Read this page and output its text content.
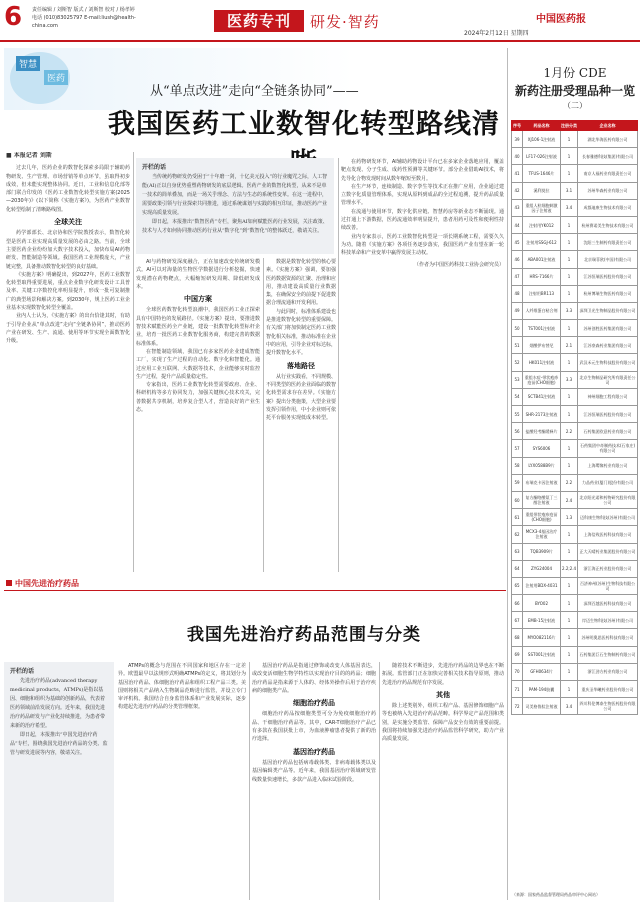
6 责任编辑 / 刘斯智 版式 / 刘斯智 校对 / 杨孝婷
电话 (010)83025797 E-mail:liush@health-china.com	医药专刊	研发·智药	中国医药报
2024年2月12日 星期四
智慧
医药
从“单点改进”走向“全链条协同”——
我国医药工业数智化转型路线清
■ 本报记者 刘斯

过去几年，医药企业的数智化探索多局限于辅助药物研发、生产管理、市场营销等单点环节，虽取得初步成效，但未能实现整体协同。近日，工业和信息化部等部门联合印发的《医药工业数智化转型实施方案(2025—2030年)》(以下简称《实施方案》)，为医药产业数智化转型绘制了清晰路线图。

全球关注

药学部部长、北京协和医学院教授表示，数智化转型是医药工业实现高质量发展的必由之路。当前，全球主要医药企业纷纷加大数字技术投入，加快布局AI药物研发、智能制造等领域。我国医药工业规模庞大，产业链完整，具备推动数智化转型的良好基础。

《实施方案》明确提出，到2027年，医药工业数智化转型取得重要进展，重点企业数字化研发设计工具普及率、关键工序数控化率明显提升，形成一批可复制推广的典型场景和解决方案。到2030年，规上医药工业企业基本实现数智化转型全覆盖。

业内人士认为，《实施方案》的出台恰逢其时，有助于引导企业从“单点改进”走向“全链条协同”，推动医药产业在研发、生产、流通、使用等环节实现全面数智化升级。

开栏的话

当传统药物研发仍受困于“十年磨一剑，十亿美元投入”的行业魔咒之际，人工智能(AI)正以自身优势重塑药物研发的底层逻辑。医药产业的数智化转型，从来不是单一技术的简单叠加，而是一场关乎理念、方法与生态的系统性变革。在这一进程中，需要政策引领与行业探索共同推进，通过系统谋划与实践的相互印证，推动医药产业实现高质量发展。

即日起，本报推出“数智医药”专栏，聚焦AI如何赋能医药行业发展，关注政策、技术与人才如何协同推动医药行业从“数字化”到“数智化”的整体跃迁，敬请关注。

AI与药物研发深度融合，正在加速改变传统研发模式。AI可以对海量的生物医学数据进行分析挖掘，快速发现潜在药物靶点，大幅缩短研发周期、降低研发成本。

中国方案

全球医药数智化转型浪潮中，我国医药工业正探索具有中国特色的发展路径。《实施方案》提出，要推进数智技术赋能医药全产业链，建设一批数智化转型标杆企业，培育一批医药工业数智化服务商，构建完善的数据标准体系。

在智能制造领域，我国已有多家医药企业建成智能工厂，实现了生产过程的自动化、数字化和智能化。通过应用工业互联网、大数据等技术，企业能够实时监控生产过程，提升产品质量稳定性。

专家指出，医药工业数智化转型需要政府、企业、科研机构等多方协同发力，加强关键核心技术攻关，完善数据共享机制，培养复合型人才，营造良好的产业生态。

数据是数智化转型的核心要素。《实施方案》强调，要加强医药数据资源的汇聚、治理和应用，推动建设高质量行业数据集，在确保安全的前提下促进数据合理流通和开发利用。

与此同时，标准体系建设也是推进数智化转型的重要保障。有关部门将加快制定医药工业数智化相关标准，推动标准在企业中的应用，引导企业对标达标，提升数智化水平。

落地路径

从行业实践看，不同规模、不同类型的医药企业面临的数智化转型需求存在差异。《实施方案》提出分类施策，大型企业要发挥引领作用，中小企业则可依托平台服务实现低成本转型。

在药物研发环节，AI辅助药物设计平台已在多家企业落地应用，覆盖靶点发现、分子生成、成药性预测等关键环节。部分企业借助AI技术，将先导化合物发现时间从数年缩短至数月。

在生产环节，连续制造、数字孪生等技术正在推广应用，企业通过建立数字化质量管理体系，实现从原料到成品的全过程追溯，提升药品质量管理水平。

在流通与使用环节，数字化供应链、智慧药房等新业态不断涌现。通过打通上下游数据，医药流通效率明显提升，患者用药可及性和便利性持续改善。

业内专家表示，医药工业数智化转型是一项长期系统工程，需要久久为功。随着《实施方案》各项任务逐步落实，我国医药产业有望在新一轮科技革命和产业变革中赢得发展主动权。

（作者为中国医药科技工业协会研究员）

1月份 CDE
新药注册受理品种一览
（二）
序号	药品名称	注册分类	企业名称
39	XJ106-1注射液	1	湖北华海医药有限公司
40	LF17-026注射液	1	长春雅德科技(集团)有限公司
41	TFUS-1646片	1	南京人福药业有限责任公司
42	溪利莫拉	3.1	苏州华森药业有限公司
43	重组人粒细胞刺激因子注射液	3.4	成都迪康生物技术有限公司
44	注射用YK012	1	杭州赛诺美生物技术有限公司
45	注射用SSGJ-612	1	沈阳三生制药有限责任公司
46	ABA001注射液	1	北京瑞菲欧(中国)有限公司
47	HRS-7166片	1	江苏恒瑞医药股份有限公司
48	注射用BR113	1	杭州博瑞生物医药有限公司
49	人纤维蛋白粘合剂	3.3	深圳卫光生物制品股份有限公司
50	TST001注射液	1	苏州创胜医药集团有限公司
51	烟酸伊布替尼	2.1	江苏豪森药业集团有限公司
52	HK011注射液	1	武汉禾元生物科技股份有限公司
53	重组水痘-带状疱疹疫苗(CHO细胞)	3.3	北京生物制品研究所有限责任公司
54	SCTB41注射液	1	神州细胞工程有限公司
55	SHR-2173注射液	1	江苏恒瑞医药股份有限公司
56	盐酸羟考酮缓释片	2.2	石药集团欧意药业有限公司
57	SYS6006	1	石药集团中奇制药技术(石家庄)有限公司
58	LYX0588B9片	1	上海璎黎药业有限公司
59	布瑞克卡因注射液	2.2	力品药业(厦门)股份有限公司
60	复方酮咯酸氨丁三醇注射液	2.4	北京阳光诺和药物研究股份有限公司
61	重组带状疱疹疫苗(CHO细胞)	1.3	迈科康生物科技(苏州)有限公司
62	MCX3-4基因治疗注射液	1	上海信致医药科技有限公司
63	TQB3909片	1	正大天晴药业集团股份有限公司
64	ZYG24004	2.2;2.4	浙江海正药业股份有限公司
65	注射用BDX-4031	1	百济神州(苏州)生物科技有限公司
66	BYO02	1	深圳百越医药科技有限公司
67	EMB-15注射液	1	岸迈生物科技(苏州)有限公司
68	MYO082116片	1	苏州明奥思医药科技有限公司
69	SST001注射液	1	石药集团巨石生物制药有限公司
70	GFH0634片	1	浙江劲方药业有限公司
71	PAM-194胶囊	1	重庆圣华曦药业股份有限公司
72	司美格鲁肽注射液	3.4	四川科伦博泰生物医药股份有限公司
（来源：国家药品监督管理局药品审评中心网站）
中国先进治疗药品
我国先进治疗药品范围与分类
开栏的话

先进治疗药品(advanced therapy medicinal products，ATMPs)是指以基因、细胞和组织为基础的创新药品，代表着医药领域前沿发展方向。近年来，我国先进治疗药品研发与产业化持续推进，为患者带来新的治疗希望。

即日起，本报推出“中国先进治疗药品”专栏，围绕我国先进治疗药品的分类、监管与研发进展等内容，敬请关注。

ATMPs的概念与范围在不同国家和地区存在一定差异。欧盟最早以法规形式明确ATMPs的定义，将其划分为基因治疗药品、体细胞治疗药品和组织工程产品三类。美国则将相关产品纳入生物制品范畴进行监管，并设立专门审评机构。我国结合自身监管体系和产业发展实际，逐步构建起先进治疗药品的分类管理框架。

基因治疗药品是指通过修饰或改变人体基因表达，或改变活细胞生物学特性以实现治疗目的的药品；细胞治疗药品是指来源于人体的、经体外操作后用于治疗疾病的细胞类产品。

细胞治疗药品

细胞治疗药品按细胞类型可分为免疫细胞治疗药品、干细胞治疗药品等。其中，CAR-T细胞治疗产品已有多款在我国获批上市，为血液肿瘤患者提供了新的治疗选择。

基因治疗药品

基因治疗药品包括病毒载体类、非病毒载体类以及基因编辑类产品等。近年来，我国基因治疗领域研发管线数量快速增长，多款产品进入临床试验阶段。

随着技术不断进步，先进治疗药品的边界也在不断拓展。监管部门正在加快完善相关技术指导原则，推动先进治疗药品规范有序发展。

其他

除上述类别外，组织工程产品、基因修饰细胞产品等也被纳入先进治疗药品范畴。科学界定产品范围和类别，是实施分类监管、保障产品安全有效的重要前提。我国将持续加强先进治疗药品监管科学研究，助力产业高质量发展。
